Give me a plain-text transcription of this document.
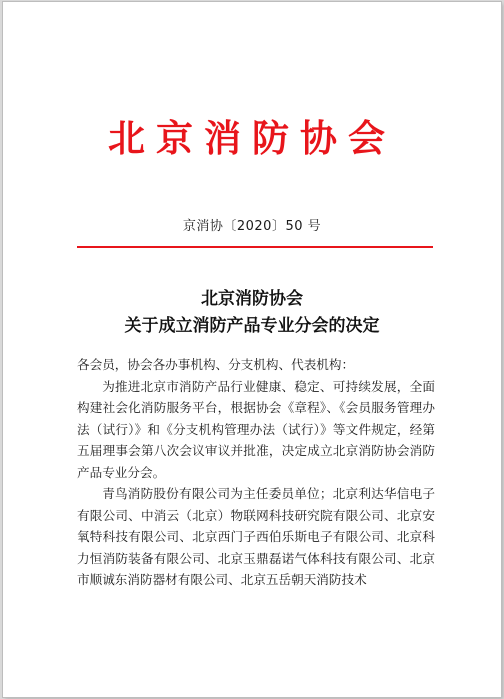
北京消防协会
京消协〔2020〕50 号
北京消防协会
关于成立消防产品专业分会的决定

各会员，协会各办事机构、分支机构、代表机构：

为推进北京市消防产品行业健康、稳定、可持续发展，全面构建社会化消防服务平台，根据协会《章程》、《会员服务管理办法（试行）》和《分支机构管理办法（试行）》等文件规定，经第五届理事会第八次会议审议并批准，决定成立北京消防协会消防产品专业分会。

青鸟消防股份有限公司为主任委员单位；北京利达华信电子有限公司、中消云（北京）物联网科技研究院有限公司、北京安氧特科技有限公司、北京西门子西伯乐斯电子有限公司、北京科力恒消防装备有限公司、北京玉鼎磊诺气体科技有限公司、北京市顺诚东消防器材有限公司、北京五岳朝天消防技术
